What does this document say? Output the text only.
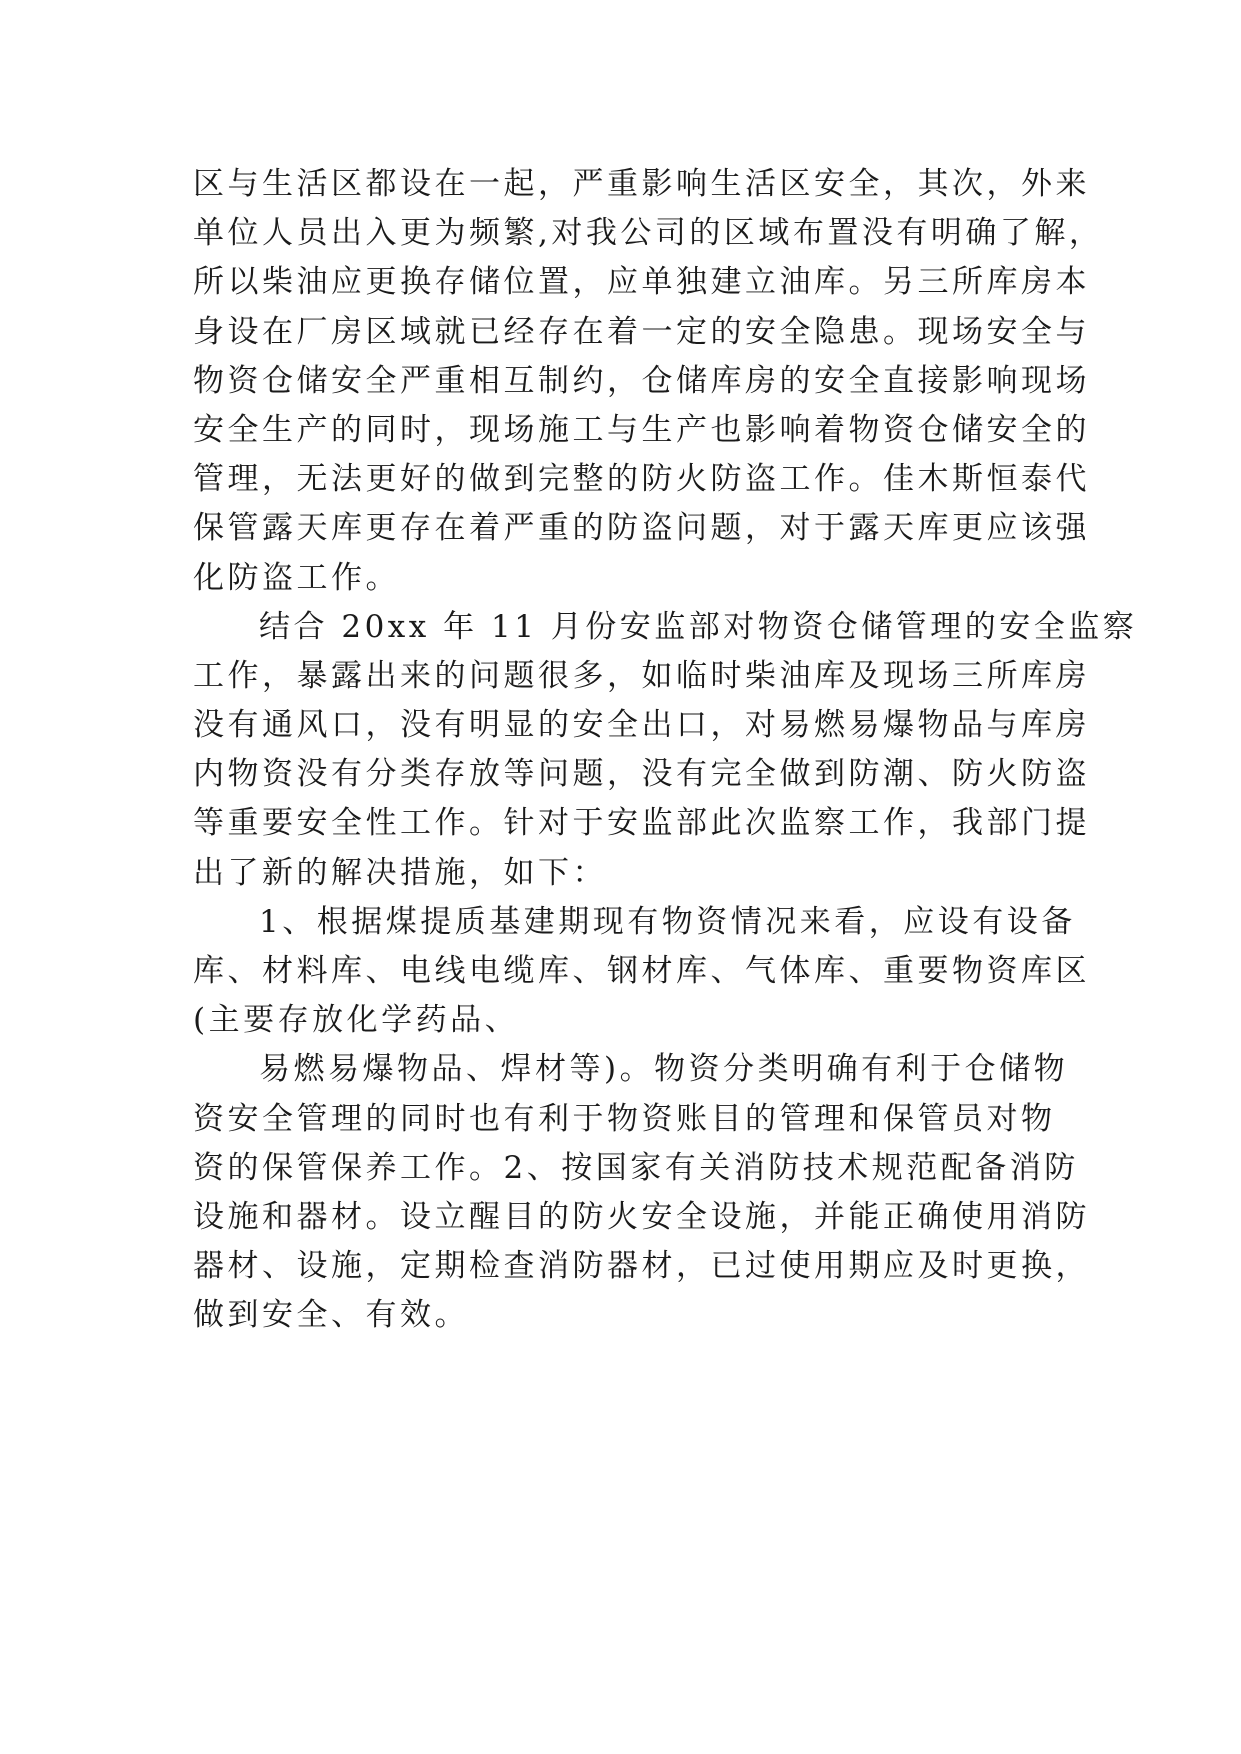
区与生活区都设在一起，严重影响生活区安全，其次，外来
单位人员出入更为频繁,对我公司的区域布置没有明确了解，
所以柴油应更换存储位置，应单独建立油库。另三所库房本
身设在厂房区域就已经存在着一定的安全隐患。现场安全与
物资仓储安全严重相互制约，仓储库房的安全直接影响现场
安全生产的同时，现场施工与生产也影响着物资仓储安全的
管理，无法更好的做到完整的防火防盗工作。佳木斯恒泰代
保管露天库更存在着严重的防盗问题，对于露天库更应该强
化防盗工作。
结合 20xx 年 11 月份安监部对物资仓储管理的安全监察
工作，暴露出来的问题很多，如临时柴油库及现场三所库房
没有通风口，没有明显的安全出口，对易燃易爆物品与库房
内物资没有分类存放等问题，没有完全做到防潮、防火防盗
等重要安全性工作。针对于安监部此次监察工作，我部门提
出了新的解决措施，如下：
1、根据煤提质基建期现有物资情况来看，应设有设备
库、材料库、电线电缆库、钢材库、气体库、重要物资库区
(主要存放化学药品、
易燃易爆物品、焊材等)。物资分类明确有利于仓储物
资安全管理的同时也有利于物资账目的管理和保管员对物
资的保管保养工作。2、按国家有关消防技术规范配备消防
设施和器材。设立醒目的防火安全设施，并能正确使用消防
器材、设施，定期检查消防器材，已过使用期应及时更换，
做到安全、有效。
